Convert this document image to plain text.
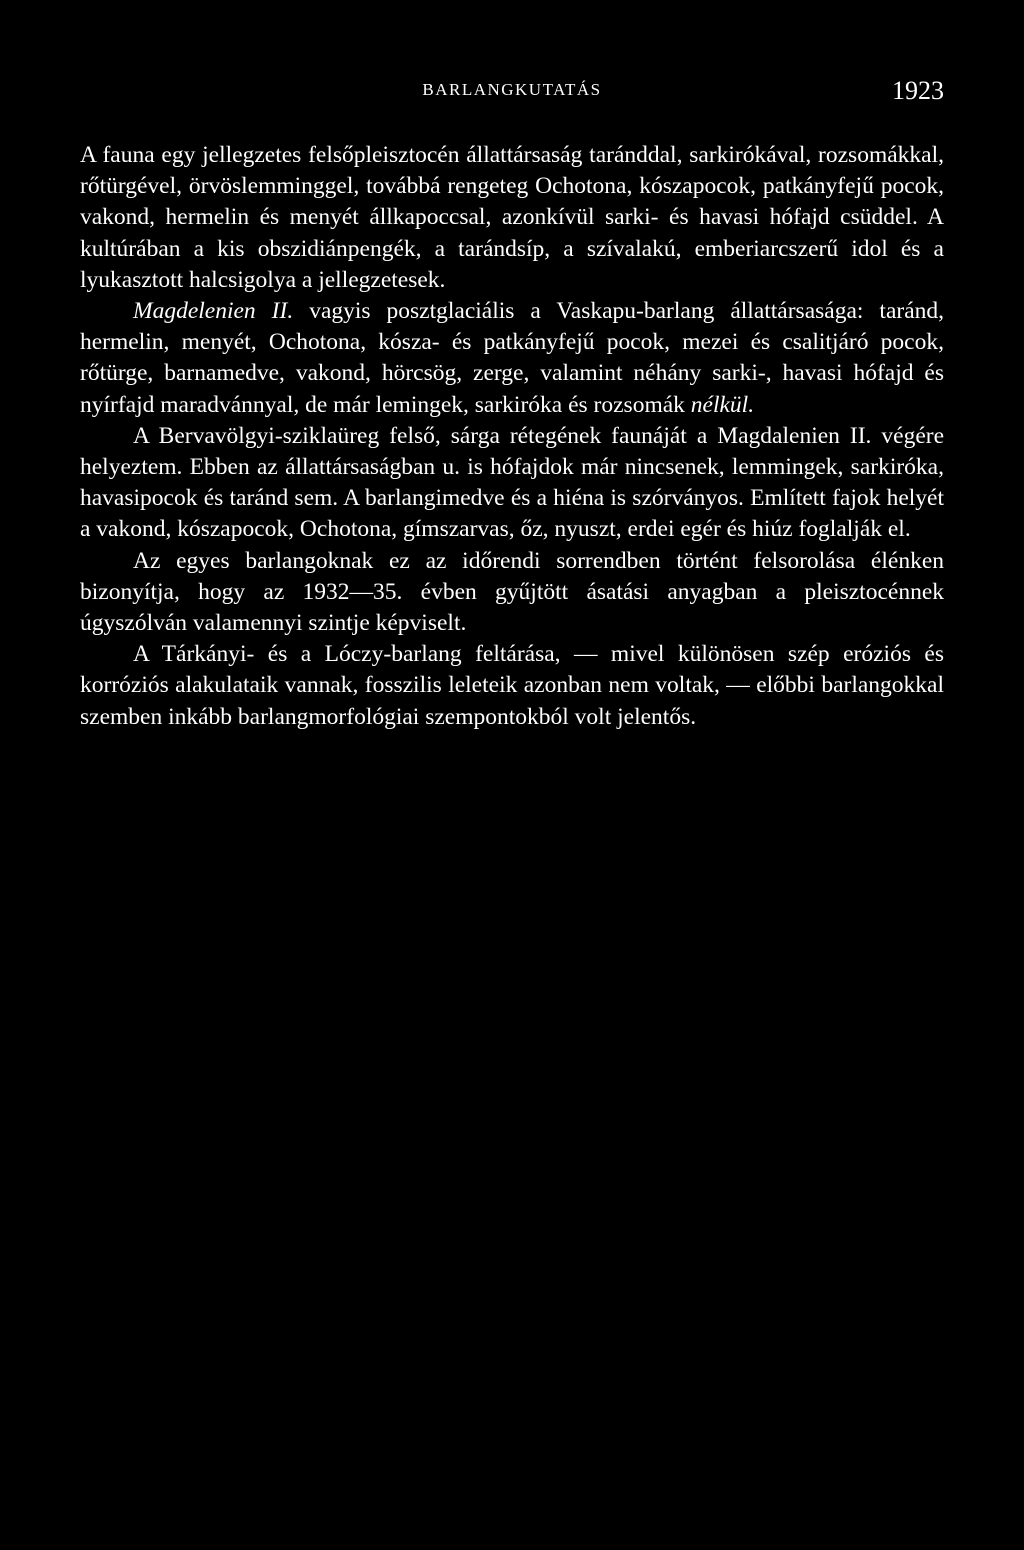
BARLANGKUTATÁS	1923

A fauna egy jellegzetes felsőpleisztocén állattársaság taránddal, sarkirókával, rozsomákkal, rőtürgével, örvöslemminggel, továbbá rengeteg Ochotona, kószapocok, patkányfejű pocok, vakond, hermelin és menyét állkapoccsal, azonkívül sarki- és havasi hófajd csüddel. A kultúrában a kis obszidiánpengék, a tarándsíp, a szívalakú, emberiarcszerű idol és a lyukasztott halcsigolya a jellegzetesek.

Magdelenien II. vagyis posztglaciális a Vaskapu-barlang állattársasága: taránd, hermelin, menyét, Ochotona, kósza- és patkányfejű pocok, mezei és csalitjáró pocok, rőtürge, barnamedve, vakond, hörcsög, zerge, valamint néhány sarki-, havasi hófajd és nyírfajd maradvánnyal, de már lemingek, sarkiróka és rozsomák nélkül.

A Bervavölgyi-sziklaüreg felső, sárga rétegének faunáját a Magdalenien II. végére helyeztem. Ebben az állattársaságban u. is hófajdok már nincsenek, lemmingek, sarkiróka, havasipocok és taránd sem. A barlangimedve és a hiéna is szórványos. Említett fajok helyét a vakond, kószapocok, Ochotona, gímszarvas, őz, nyuszt, erdei egér és hiúz foglalják el.

Az egyes barlangoknak ez az időrendi sorrendben történt felsorolása élénken bizonyítja, hogy az 1932—35. évben gyűjtött ásatási anyagban a pleisztocénnek úgyszólván valamennyi szintje képviselt.

A Tárkányi- és a Lóczy-barlang feltárása, — mivel különösen szép eróziós és korróziós alakulataik vannak, fosszilis leleteik azonban nem voltak, — előbbi barlangokkal szemben inkább barlangmorfológiai szempontokból volt jelentős.
